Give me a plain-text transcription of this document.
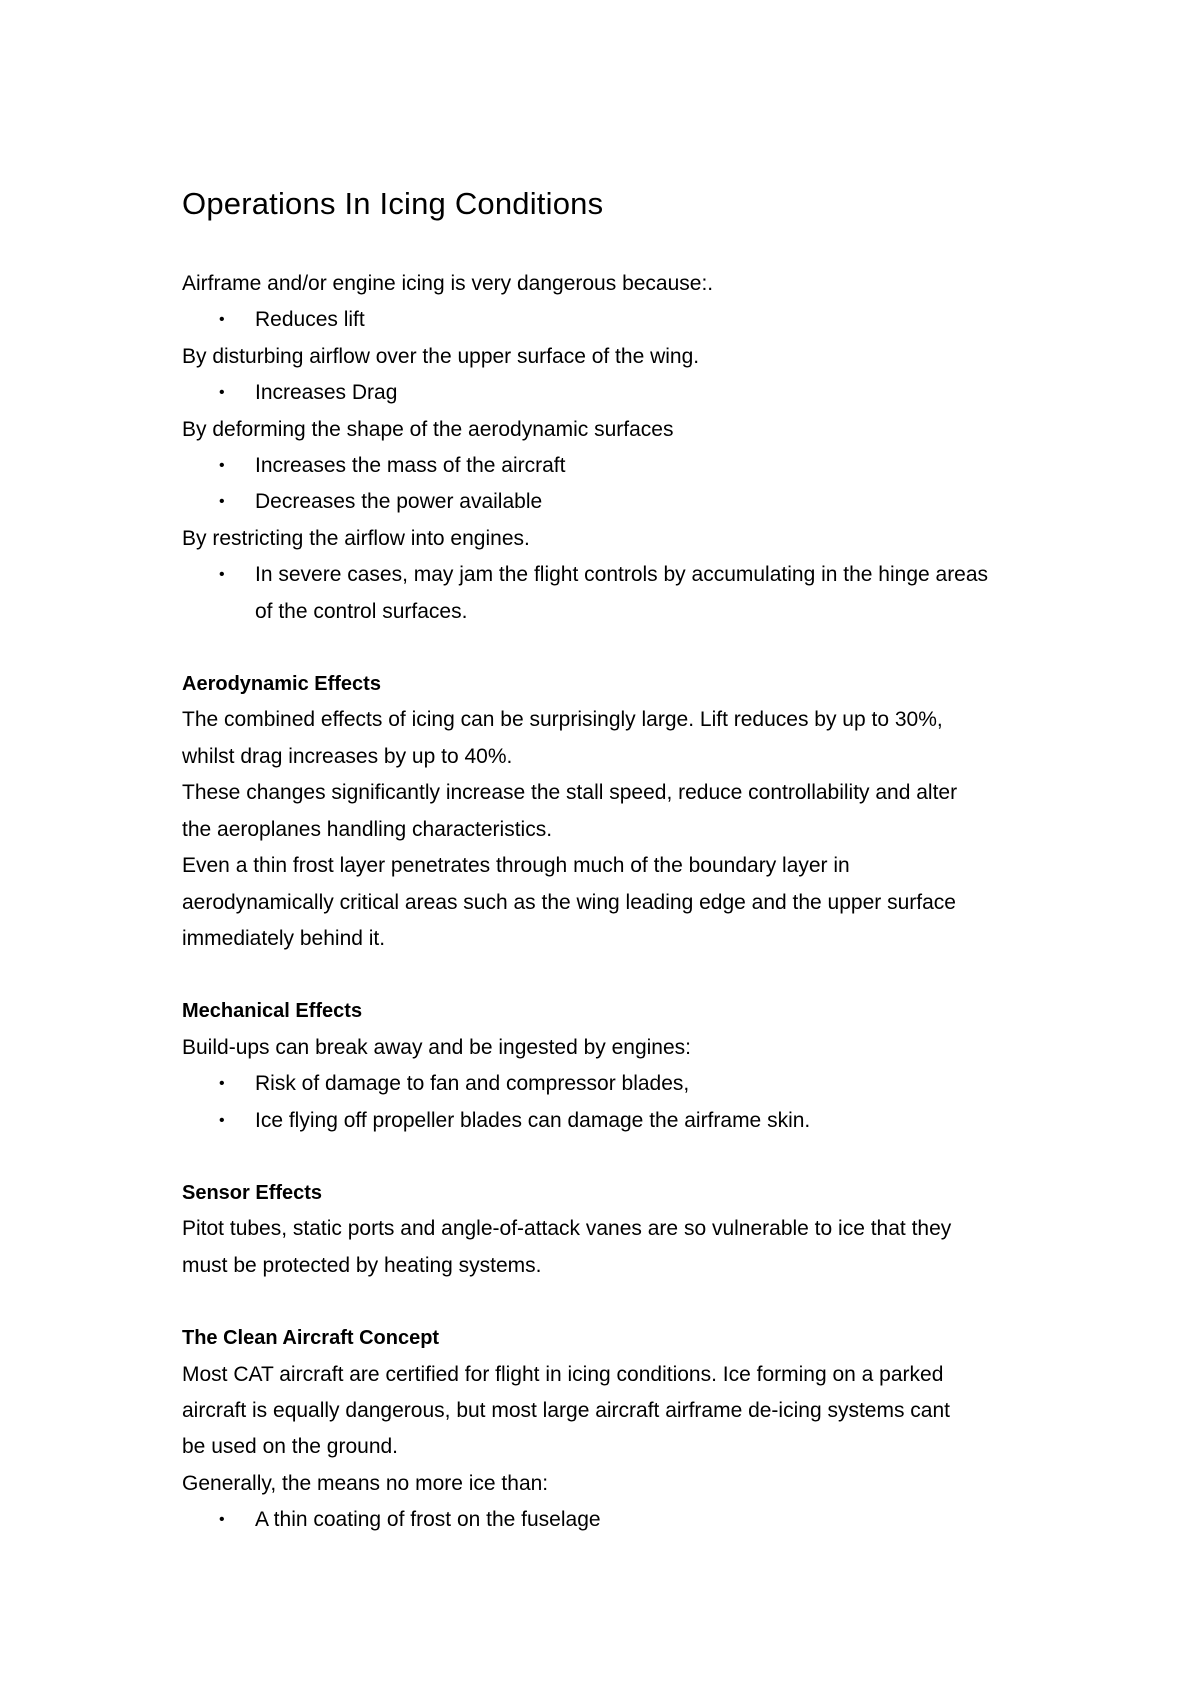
Operations In Icing Conditions

Airframe and/or engine icing is very dangerous because:.

• Reduces lift

By disturbing airflow over the upper surface of the wing.

• Increases Drag

By deforming the shape of the aerodynamic surfaces

• Increases the mass of the aircraft
• Decreases the power available

By restricting the airflow into engines.

• In severe cases, may jam the flight controls by accumulating in the hinge areas of the control surfaces.
Aerodynamic Effects

The combined effects of icing can be surprisingly large. Lift reduces by up to 30%,

whilst drag increases by up to 40%.

These changes significantly increase the stall speed, reduce controllability and alter

the aeroplanes handling characteristics.

Even a thin frost layer penetrates through much of the boundary layer in

aerodynamically critical areas such as the wing leading edge and the upper surface

immediately behind it.

Mechanical Effects

Build-ups can break away and be ingested by engines:

• Risk of damage to fan and compressor blades,
• Ice flying off propeller blades can damage the airframe skin.
Sensor Effects

Pitot tubes, static ports and angle-of-attack vanes are so vulnerable to ice that they

must be protected by heating systems.

The Clean Aircraft Concept

Most CAT aircraft are certified for flight in icing conditions. Ice forming on a parked

aircraft is equally dangerous, but most large aircraft airframe de-icing systems cant

be used on the ground.

Generally, the means no more ice than:

• A thin coating of frost on the fuselage
